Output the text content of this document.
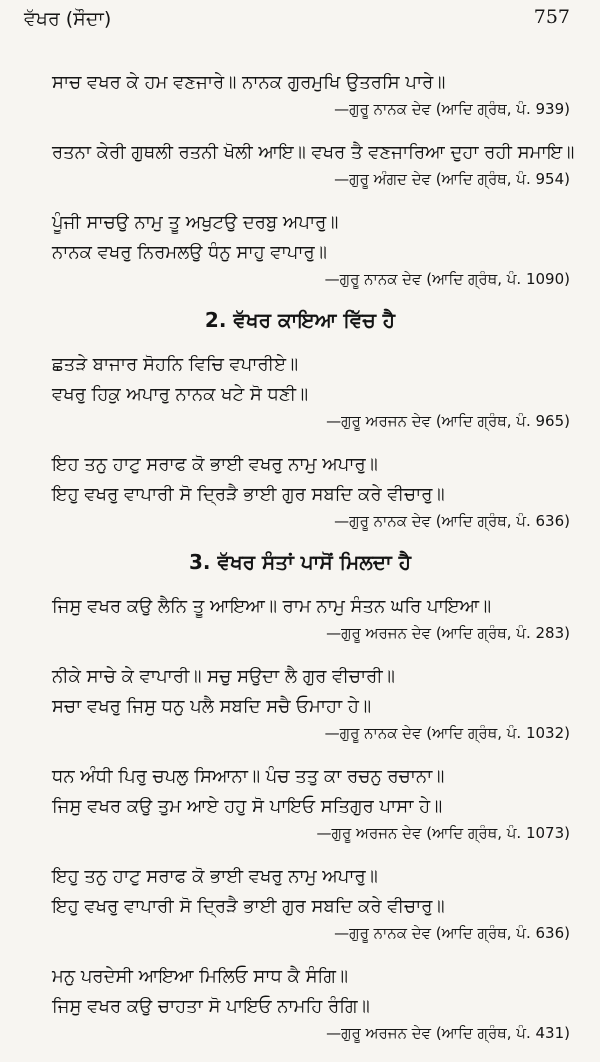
ਵੱਖਰ (ਸੌਦਾ)	757
ਸਾਚ ਵਖਰ ਕੇ ਹਮ ਵਣਜਾਰੇ॥ ਨਾਨਕ ਗੁਰਮੁਖਿ ਉਤਰਸਿ ਪਾਰੇ॥
—ਗੁਰੂ ਨਾਨਕ ਦੇਵ (ਆਦਿ ਗ੍ਰੰਥ, ਪੰ. 939)
ਰਤਨਾ ਕੇਰੀ ਗੁਥਲੀ ਰਤਨੀ ਖੋਲੀ ਆਇ॥ ਵਖਰ ਤੈ ਵਣਜਾਰਿਆ ਦੁਹਾ ਰਹੀ ਸਮਾਇ॥
—ਗੁਰੂ ਅੰਗਦ ਦੇਵ (ਆਦਿ ਗ੍ਰੰਥ, ਪੰ. 954)
ਪੂੰਜੀ ਸਾਚਉ ਨਾਮੁ ਤੂ ਅਖੁਟਉ ਦਰਬੁ ਅਪਾਰੁ॥
ਨਾਨਕ ਵਖਰੁ ਨਿਰਮਲਉ ਧੰਨੁ ਸਾਹੁ ਵਾਪਾਰੁ॥
—ਗੁਰੂ ਨਾਨਕ ਦੇਵ (ਆਦਿ ਗ੍ਰੰਥ, ਪੰ. 1090)
2. ਵੱਖਰ ਕਾਇਆ ਵਿੱਚ ਹੈ
ਛਤੜੇ ਬਾਜਾਰ ਸੋਹਨਿ ਵਿਚਿ ਵਪਾਰੀਏ॥
ਵਖਰੁ ਹਿਕੁ ਅਪਾਰੁ ਨਾਨਕ ਖਟੇ ਸੋ ਧਣੀ॥
—ਗੁਰੂ ਅਰਜਨ ਦੇਵ (ਆਦਿ ਗ੍ਰੰਥ, ਪੰ. 965)
ਇਹ ਤਨੁ ਹਾਟੁ ਸਰਾਫ ਕੋ ਭਾਈ ਵਖਰੁ ਨਾਮੁ ਅਪਾਰੁ॥
ਇਹੁ ਵਖਰੁ ਵਾਪਾਰੀ ਸੋ ਦ੍ਰਿੜੈ ਭਾਈ ਗੁਰ ਸਬਦਿ ਕਰੇ ਵੀਚਾਰੁ॥
—ਗੁਰੂ ਨਾਨਕ ਦੇਵ (ਆਦਿ ਗ੍ਰੰਥ, ਪੰ. 636)
3. ਵੱਖਰ ਸੰਤਾਂ ਪਾਸੋਂ ਮਿਲਦਾ ਹੈ
ਜਿਸੁ ਵਖਰ ਕਉ ਲੈਨਿ ਤੂ ਆਇਆ॥ ਰਾਮ ਨਾਮੁ ਸੰਤਨ ਘਰਿ ਪਾਇਆ॥
—ਗੁਰੂ ਅਰਜਨ ਦੇਵ (ਆਦਿ ਗ੍ਰੰਥ, ਪੰ. 283)
ਨੀਕੇ ਸਾਚੇ ਕੇ ਵਾਪਾਰੀ॥ ਸਚੁ ਸਉਦਾ ਲੈ ਗੁਰ ਵੀਚਾਰੀ॥
ਸਚਾ ਵਖਰੁ ਜਿਸੁ ਧਨੁ ਪਲੈ ਸਬਦਿ ਸਚੈ ਓਮਾਹਾ ਹੇ॥
—ਗੁਰੂ ਨਾਨਕ ਦੇਵ (ਆਦਿ ਗ੍ਰੰਥ, ਪੰ. 1032)
ਧਨ ਅੰਧੀ ਪਿਰੁ ਚਪਲੁ ਸਿਆਨਾ॥ ਪੰਚ ਤਤੁ ਕਾ ਰਚਨੁ ਰਚਾਨਾ॥
ਜਿਸੁ ਵਖਰ ਕਉ ਤੁਮ ਆਏ ਹਹੁ ਸੋ ਪਾਇਓ ਸਤਿਗੁਰ ਪਾਸਾ ਹੇ॥
—ਗੁਰੂ ਅਰਜਨ ਦੇਵ (ਆਦਿ ਗ੍ਰੰਥ, ਪੰ. 1073)
ਇਹੁ ਤਨੁ ਹਾਟੁ ਸਰਾਫ ਕੋ ਭਾਈ ਵਖਰੁ ਨਾਮੁ ਅਪਾਰੁ॥
ਇਹੁ ਵਖਰੁ ਵਾਪਾਰੀ ਸੋ ਦ੍ਰਿੜੈ ਭਾਈ ਗੁਰ ਸਬਦਿ ਕਰੇ ਵੀਚਾਰੁ॥
—ਗੁਰੂ ਨਾਨਕ ਦੇਵ (ਆਦਿ ਗ੍ਰੰਥ, ਪੰ. 636)
ਮਨੁ ਪਰਦੇਸੀ ਆਇਆ ਮਿਲਿਓ ਸਾਧ ਕੈ ਸੰਗਿ॥
ਜਿਸੁ ਵਖਰ ਕਉ ਚਾਹਤਾ ਸੋ ਪਾਇਓ ਨਾਮਹਿ ਰੰਗਿ॥
—ਗੁਰੂ ਅਰਜਨ ਦੇਵ (ਆਦਿ ਗ੍ਰੰਥ, ਪੰ. 431)
